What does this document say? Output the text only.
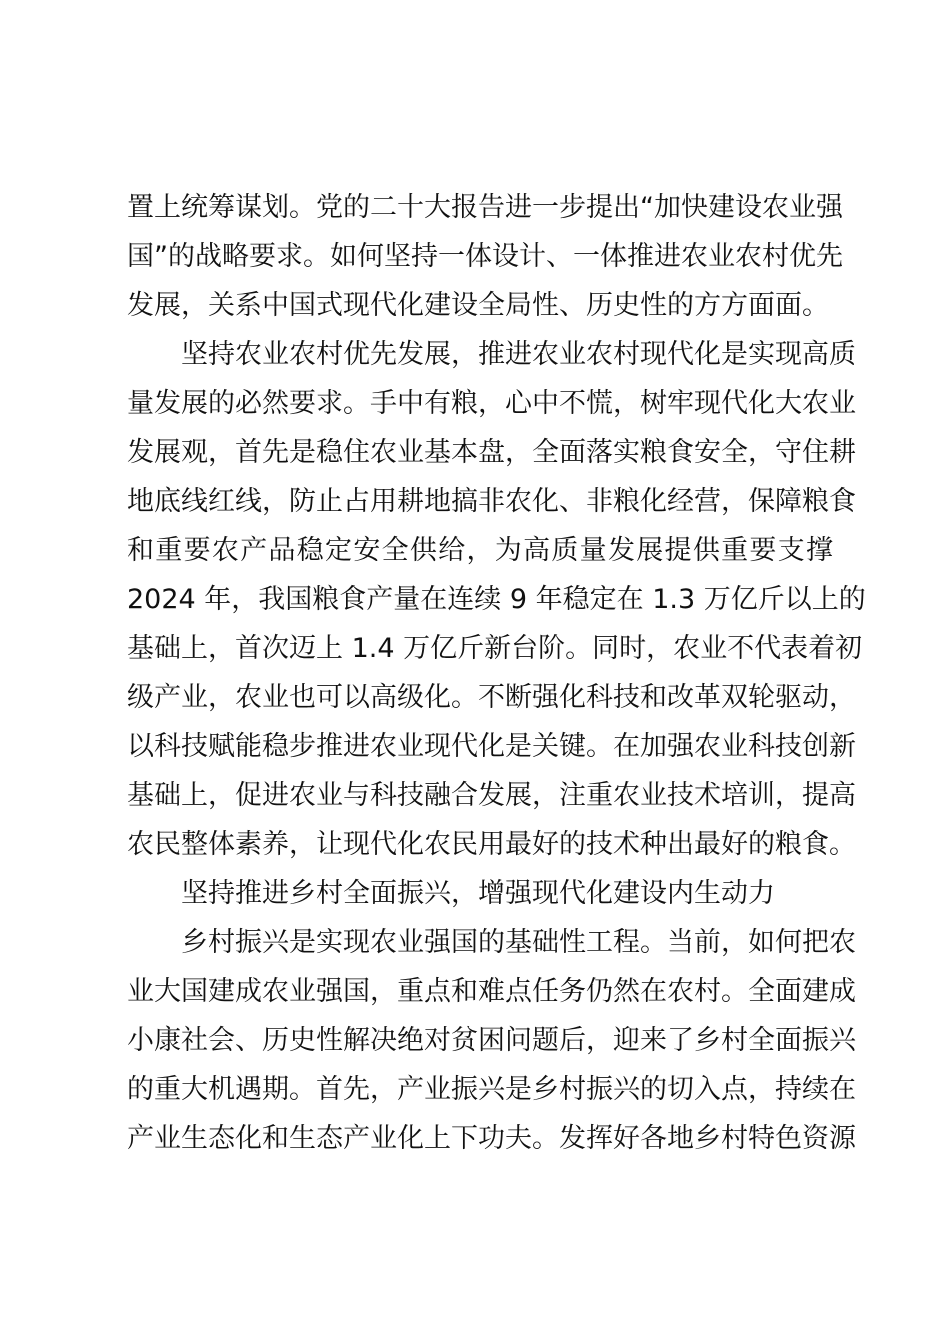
置上统筹谋划。党的二十大报告进一步提出“加快建设农业强
国”的战略要求。如何坚持一体设计、一体推进农业农村优先
发展，关系中国式现代化建设全局性、历史性的方方面面。
坚持农业农村优先发展，推进农业农村现代化是实现高质
量发展的必然要求。手中有粮，心中不慌，树牢现代化大农业
发展观，首先是稳住农业基本盘，全面落实粮食安全，守住耕
地底线红线，防止占用耕地搞非农化、非粮化经营，保障粮食
和重要农产品稳定安全供给，为高质量发展提供重要支撑
2024 年，我国粮食产量在连续 9 年稳定在 1.3 万亿斤以上的
基础上，首次迈上 1.4 万亿斤新台阶。同时，农业不代表着初
级产业，农业也可以高级化。不断强化科技和改革双轮驱动，
以科技赋能稳步推进农业现代化是关键。在加强农业科技创新
基础上，促进农业与科技融合发展，注重农业技术培训，提高
农民整体素养，让现代化农民用最好的技术种出最好的粮食。
坚持推进乡村全面振兴，增强现代化建设内生动力
乡村振兴是实现农业强国的基础性工程。当前，如何把农
业大国建成农业强国，重点和难点任务仍然在农村。全面建成
小康社会、历史性解决绝对贫困问题后，迎来了乡村全面振兴
的重大机遇期。首先，产业振兴是乡村振兴的切入点，持续在
产业生态化和生态产业化上下功夫。发挥好各地乡村特色资源
